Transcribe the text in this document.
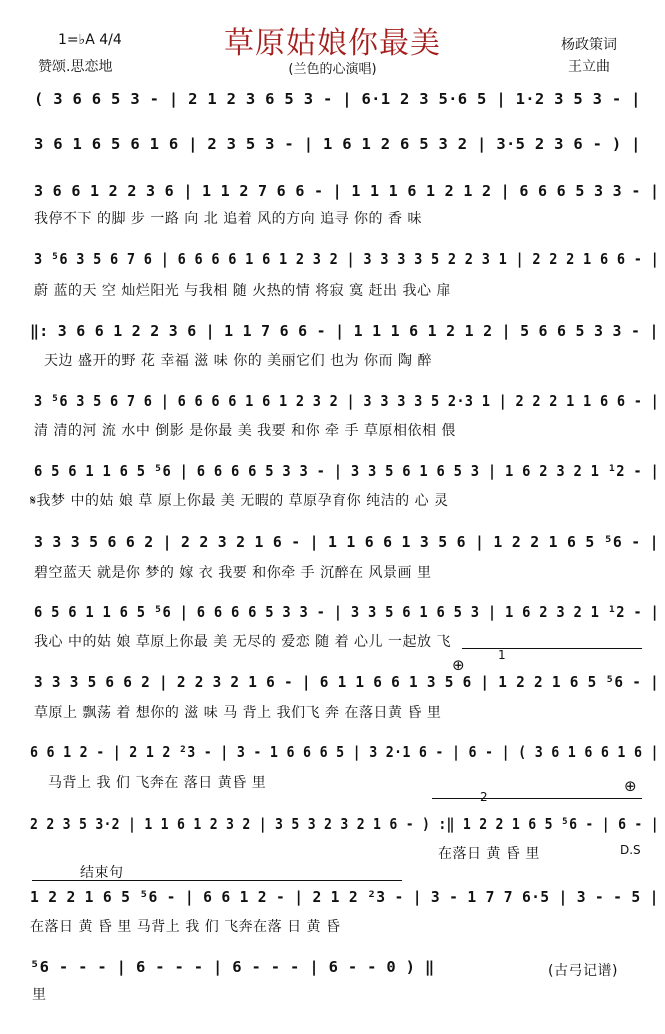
1=♭A 4/4	草原姑娘你最美
(兰色的心演唱)
杨政策词
王立曲
赞颂.思恋地
( 3 6 6 5 3 - | 2 1 2 3 6 5 3 - | 6·1 2 3 5·6 5 | 1·2 3 5 3 - |
3 6 1 6 5 6 1 6 | 2 3 5 3 - | 1 6 1 2 6 5 3 2 | 3·5 2 3 6 - ) |
3 6 6 1 2 2 3 6 | 1 1 2 7 6 6 - | 1 1 1 6 1 2 1 2 | 6 6 6 5 3 3 - |
我停不下 的脚 步 一路 向 北 追着 风的方向 追寻 你的 香 味
3 ⁵6 3 5 6 7 6 | 6 6 6 6 1 6 1 2 3 2 | 3 3 3 3 5 2 2 3 1 | 2 2 2 1 6 6 - |
蔚 蓝的天 空 灿烂阳光 与我相 随 火热的情 将寂 寞 赶出 我心 扉
‖: 3 6 6 1 2 2 3 6 | 1 1 7 6 6 - | 1 1 1 6 1 2 1 2 | 5 6 6 5 3 3 - |
天边 盛开的野 花 幸福 滋 味 你的 美丽它们 也为 你而 陶 醉
3 ⁵6 3 5 6 7 6 | 6 6 6 6 1 6 1 2 3 2 | 3 3 3 3 5 2·3 1 | 2 2 2 1 1 6 6 - |
清 清的河 流 水中 倒影 是你最 美 我要 和你 牵 手 草原相依相 偎
6 5 6 1 1 6 5 ⁵6 | 6 6 6 6 5 3 3 - | 3 3 5 6 1 6 5 3 | 1 6 2 3 2 1 ¹2 - |
𝄋我梦 中的姑 娘 草 原上你最 美 无暇的 草原孕育你 纯洁的 心 灵
3 3 3 5 6 6 2 | 2 2 3 2 1 6 - | 1 1 6 6 1 3 5 6 | 1 2 2 1 6 5 ⁵6 - |
碧空蓝天 就是你 梦的 嫁 衣 我要 和你牵 手 沉醉在 风景画 里
6 5 6 1 1 6 5 ⁵6 | 6 6 6 6 5 3 3 - | 3 3 5 6 1 6 5 3 | 1 6 2 3 2 1 ¹2 - |
我心 中的姑 娘 草原上你最 美 无尽的 爱恋 随 着 心儿 一起放 飞
1
⊕
3 3 3 5 6 6 2 | 2 2 3 2 1 6 - | 6 1 1 6 6 1 3 5 6 | 1 2 2 1 6 5 ⁵6 - |
草原上 飘荡 着 想你的 滋 味 马 背上 我们飞 奔 在落日黄 昏 里
6 6 1 2 - | 2 1 2 ²3 - | 3 - 1 6 6 6 5 | 3 2·1 6 - | 6 - | ( 3 6 1 6 6 1 6 |
马背上 我 们 飞奔在 落日 黄昏 里	⊕
2
2 2 3 5 3·2 | 1 1 6 1 2 3 2 | 3 5 3 2 3 2 1 6 - ) :‖ 1 2 2 1 6 5 ⁵6 - | 6 - |
在落日 黄 昏 里	D.S
结束句
1 2 2 1 6 5 ⁵6 - | 6 6 1 2 - | 2 1 2 ²3 - | 3 - 1 7 7 6·5 | 3 - - 5 |
在落日 黄 昏 里 马背上 我 们 飞奔在落 日 黄 昏
⁵6 - - - | 6 - - - | 6 - - - | 6 - - 0 ) ‖
里
(古弓记谱)
